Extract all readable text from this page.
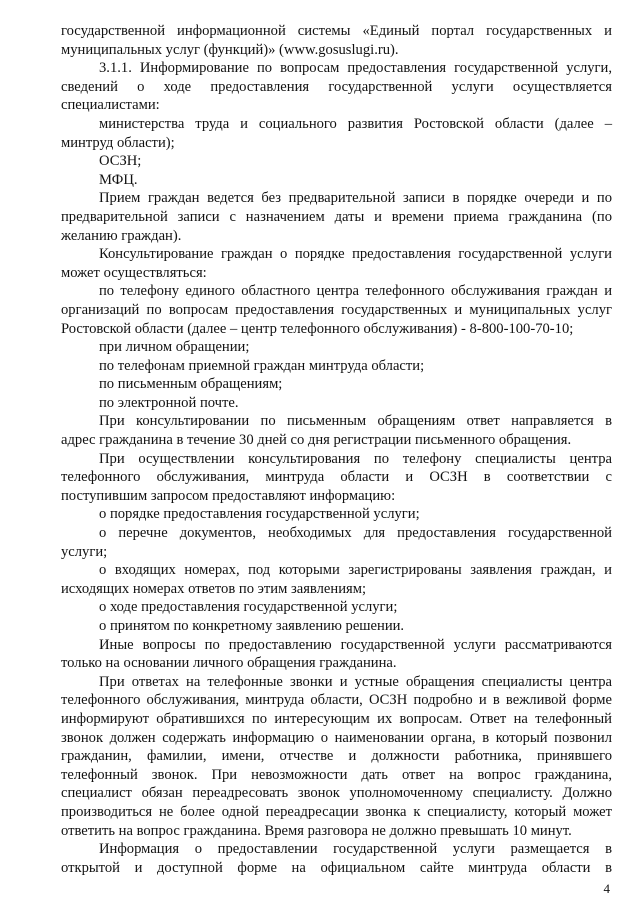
государственной информационной системы «Единый портал государственных и
муниципальных услуг (функций)» (www.gosuslugi.ru).
3.1.1. Информирование по вопросам предоставления государственной услуги,
сведений о ходе предоставления государственной услуги осуществляется
специалистами:
министерства труда и социального развития Ростовской области (далее –
минтруд области);
ОСЗН;
МФЦ.
Прием граждан ведется без предварительной записи в порядке очереди и по
предварительной записи с назначением даты и времени приема гражданина (по
желанию граждан).
Консультирование граждан о порядке предоставления государственной услуги
может осуществляться:
по телефону единого областного центра телефонного обслуживания граждан и
организаций по вопросам предоставления государственных и муниципальных услуг
Ростовской области (далее – центр телефонного обслуживания) - 8-800-100-70-10;
при личном обращении;
по телефонам приемной граждан минтруда области;
по письменным обращениям;
по электронной почте.
При консультировании по письменным обращениям ответ направляется в
адрес гражданина в течение 30 дней со дня регистрации письменного обращения.
При осуществлении консультирования по телефону специалисты центра
телефонного обслуживания, минтруда области и ОСЗН в соответствии с
поступившим запросом предоставляют информацию:
о порядке предоставления государственной услуги;
о перечне документов, необходимых для предоставления государственной
услуги;
о входящих номерах, под которыми зарегистрированы заявления граждан, и
исходящих номерах ответов по этим заявлениям;
о ходе предоставления государственной услуги;
о принятом по конкретному заявлению решении.
Иные вопросы по предоставлению государственной услуги рассматриваются
только на основании личного обращения гражданина.
При ответах на телефонные звонки и устные обращения специалисты центра
телефонного обслуживания, минтруда области, ОСЗН подробно и в вежливой форме
информируют обратившихся по интересующим их вопросам. Ответ на телефонный
звонок должен содержать информацию о наименовании органа, в который позвонил
гражданин, фамилии, имени, отчестве и должности работника, принявшего
телефонный звонок. При невозможности дать ответ на вопрос гражданина,
специалист обязан переадресовать звонок уполномоченному специалисту. Должно
производиться не более одной переадресации звонка к специалисту, который может
ответить на вопрос гражданина. Время разговора не должно превышать 10 минут.
Информация о предоставлении государственной услуги размещается в
открытой и доступной форме на официальном сайте минтруда области в
4
